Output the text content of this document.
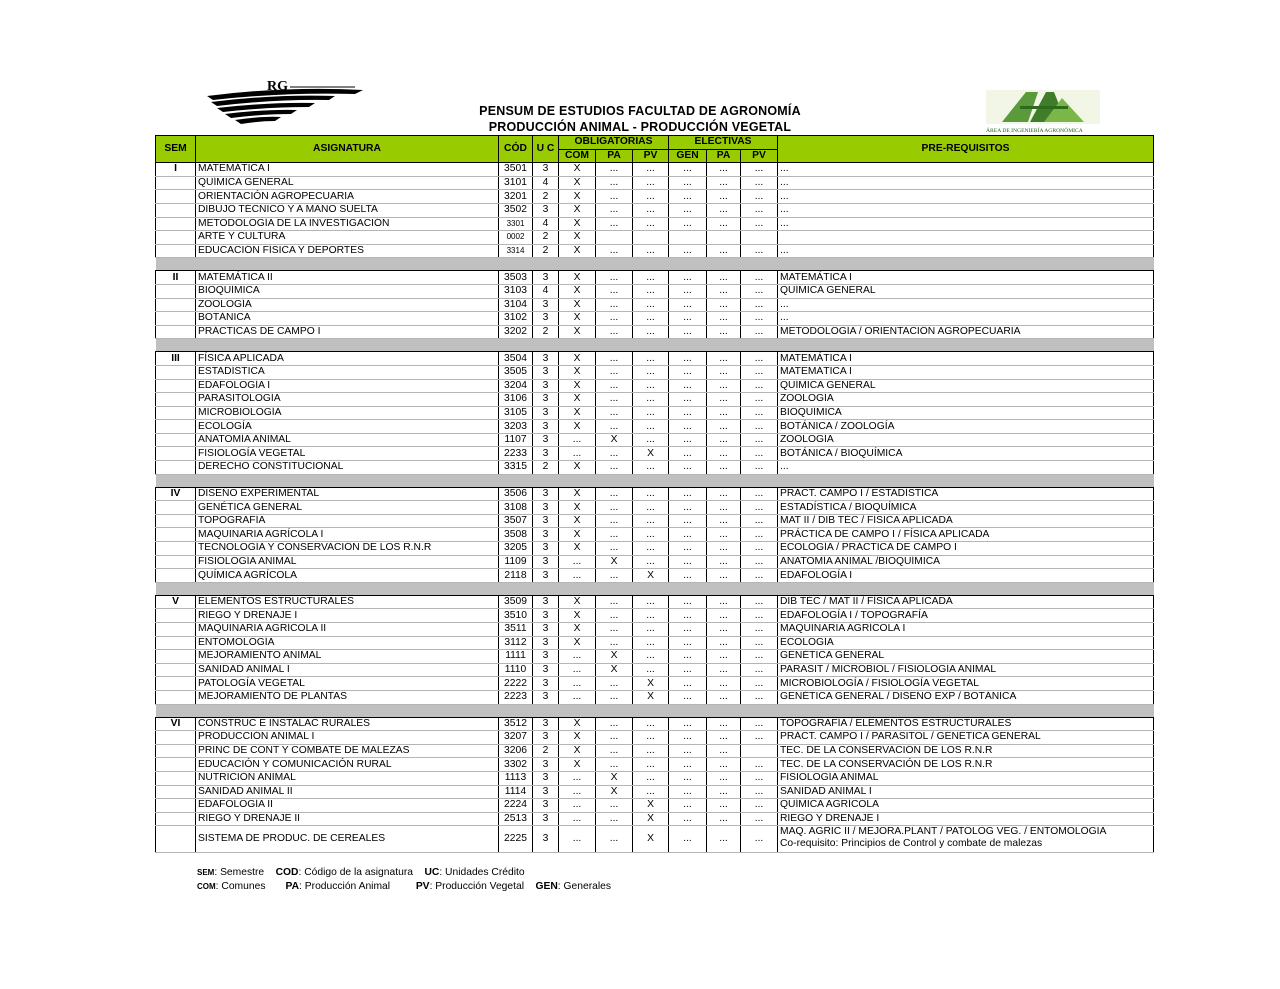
RG
ÁREA DE INGENIERÍA AGRONÓMICA
AIA
PENSUM DE ESTUDIOS FACULTAD DE AGRONOMÍA
PRODUCCIÓN ANIMAL - PRODUCCIÓN VEGETAL
SEM	ASIGNATURA	CÓD	U C	OBLIGATORIAS			ELECTIVAS			PRE-REQUISITOS
				COM	PA	PV	GEN	PA	PV	
I	MATEMÁTICA I	3501	3	X	...	...	...	...	...	...

	QUÍMICA GENERAL	3101	4	X	...	...	...	...	...	...

	ORIENTACIÓN AGROPECUARIA	3201	2	X	...	...	...	...	...	...

	DIBUJO TÉCNICO Y A MANO SUELTA	3502	3	X	...	...	...	...	...	...

	METODOLOGÍA DE LA INVESTIGACIÓN	3301	4	X	...	...	...	...	...	...

	ARTE Y CULTURA	0002	2	X						

	EDUCACIÓN FÍSICA Y DEPORTES	3314	2	X	...	...	...	...	...	...

II	MATEMÁTICA II	3503	3	X	...	...	...	...	...	MATEMÁTICA I

	BIOQUÍMICA	3103	4	X	...	...	...	...	...	QUÍMICA GENERAL

	ZOOLOGÍA	3104	3	X	...	...	...	...	...	...

	BOTÁNICA	3102	3	X	...	...	...	...	...	...

	PRÁCTICAS DE CAMPO I	3202	2	X	...	...	...	...	...	METODOLOGÍA / ORIENTACIÓN AGROPECUARIA

III	FÍSICA APLICADA	3504	3	X	...	...	...	...	...	MATEMÁTICA I

	ESTADÍSTICA	3505	3	X	...	...	...	...	...	MATEMÁTICA I

	EDAFOLOGÍA I	3204	3	X	...	...	...	...	...	QUÍMICA GENERAL

	PARASITOLOGÍA	3106	3	X	...	...	...	...	...	ZOOLOGÍA

	MICROBIOLOGÍA	3105	3	X	...	...	...	...	...	BIOQUÍMICA

	ECOLOGÍA	3203	3	X	...	...	...	...	...	BOTÁNICA / ZOOLOGÍA

	ANATOMÍA ANIMAL	1107	3	...	X	...	...	...	...	ZOOLOGÍA

	FISIOLOGÍA VEGETAL	2233	3	...	...	X	...	...	...	BOTÁNICA / BIOQUÍMICA

	DERECHO CONSTITUCIONAL	3315	2	X	...	...	...	...	...	...

IV	DISEÑO EXPERIMENTAL	3506	3	X	...	...	...	...	...	PRÁCT. CAMPO I / ESTADÍSTICA

	GENÉTICA GENERAL	3108	3	X	...	...	...	...	...	ESTADÍSTICA / BIOQUÍMICA

	TOPOGRAFÍA	3507	3	X	...	...	...	...	...	MAT II / DIB TÉC / FÍSICA APLICADA

	MAQUINARIA AGRÍCOLA I	3508	3	X	...	...	...	...	...	PRÁCTICA DE CAMPO I / FÍSICA APLICADA

	TECNOLOGÍA Y CONSERVACIÓN DE LOS R.N.R	3205	3	X	...	...	...	...	...	ECOLOGÍA / PRÁCTICA DE CAMPO I

	FISIOLOGÍA ANIMAL	1109	3	...	X	...	...	...	...	ANATOMÍA ANIMAL /BIOQUÍMICA

	QUÍMICA AGRÍCOLA	2118	3	...	...	X	...	...	...	EDAFOLOGÍA I

V	ELEMENTOS ESTRUCTURALES	3509	3	X	...	...	...	...	...	DIB TÉC / MAT II / FÍSICA APLICADA

	RIEGO Y DRENAJE I	3510	3	X	...	...	...	...	...	EDAFOLOGÍA I / TOPOGRAFÍA

	MAQUINARIA AGRÍCOLA II	3511	3	X	...	...	...	...	...	MAQUINARIA AGRÍCOLA I

	ENTOMOLOGÍA	3112	3	X	...	...	...	...	...	ECOLOGÍA

	MEJORAMIENTO ANIMAL	1111	3	...	X	...	...	...	...	GENÉTICA GENERAL

	SANIDAD ANIMAL I	1110	3	...	X	...	...	...	...	PARASIT / MICROBIOL / FISIOLOGÍA ANIMAL

	PATOLOGÍA VEGETAL	2222	3	...	...	X	...	...	...	MICROBIOLOGÍA / FISIOLOGÍA VEGETAL

	MEJORAMIENTO DE PLANTAS	2223	3	...	...	X	...	...	...	GENÉTICA GENERAL / DISEÑO EXP / BOTÁNICA

VI	CONSTRUC E INSTALAC RURALES	3512	3	X	...	...	...	...	...	TOPOGRAFÍA / ELEMENTOS ESTRUCTURALES

	PRODUCCIÓN ANIMAL I	3207	3	X	...	...	...	...	...	PRÁCT. CAMPO I / PARASITOL / GENÉTICA GENERAL

	PRINC DE CONT Y COMBATE DE MALEZAS	3206	2	X	...	...	...	...		TEC. DE LA CONSERVACIÓN DE LOS R.N.R

	EDUCACIÓN Y COMUNICACIÓN RURAL	3302	3	X	...	...	...	...	...	TEC. DE LA CONSERVACIÓN DE LOS R.N.R

	NUTRICIÓN ANIMAL	1113	3	...	X	...	...	...	...	FISIOLOGÍA ANIMAL

	SANIDAD ANIMAL II	1114	3	...	X	...	...	...	...	SANIDAD ANIMAL I

	EDAFOLOGÍA II	2224	3	...	...	X	...	...	...	QUÍMICA AGRÍCOLA

	RIEGO Y DRENAJE II	2513	3	...	...	X	...	...	...	RIEGO Y DRENAJE I

	SISTEMA DE PRODUC. DE CEREALES	2225	3	...	...	X	...	...	...	MAQ. AGRIC II / MEJORA.PLANT / PATOLOG VEG. / ENTOMOLOGIA
Co-requisito: Principios de Control y combate de malezas
SEM: Semestre COD: Código de la asignatura UC: Unidades Crédito
COM: Comunes PA: Producción Animal	PV: Producción Vegetal GEN: Generales
